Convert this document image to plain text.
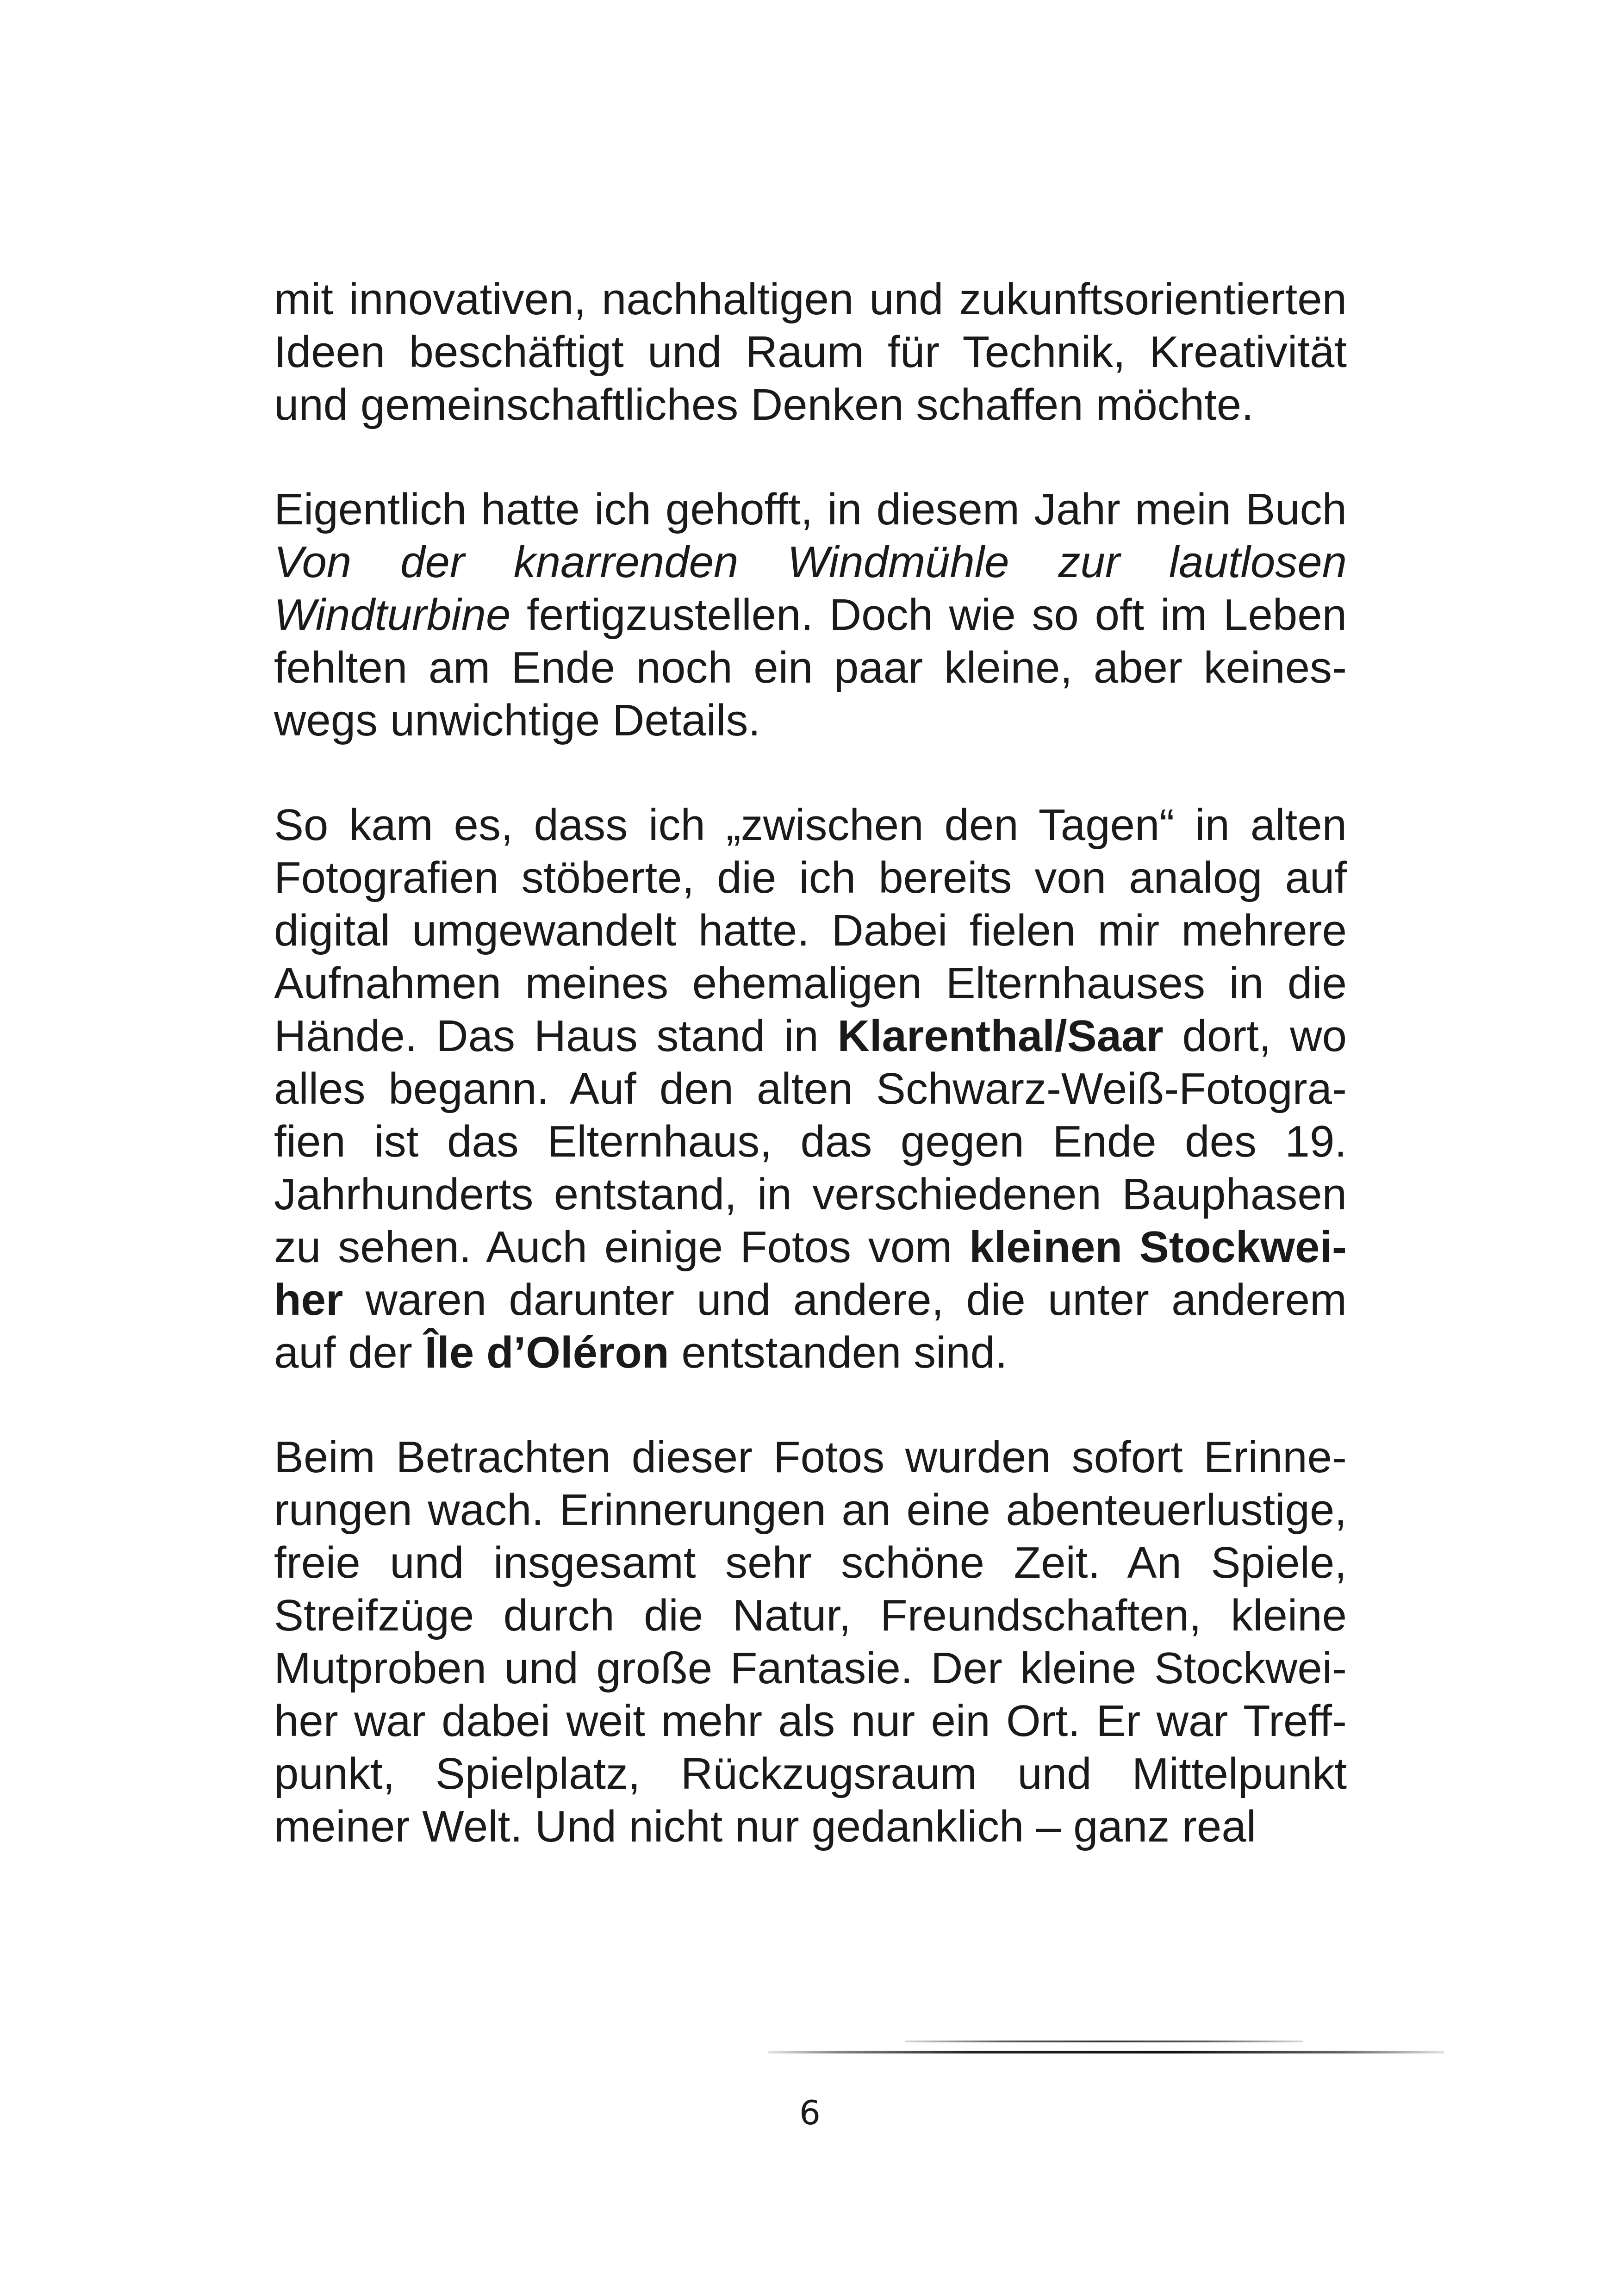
mit innovativen, nachhaltigen und zukunftsorientierten Ideen beschäftigt und Raum für Technik, Kreativität und gemeinschaftliches Denken schaffen möchte.

Eigentlich hatte ich gehofft, in diesem Jahr mein Buch Von der knarrenden Windmühle zur lautlosen Windturbine fertigzustellen. Doch wie so oft im Leben fehlten am Ende noch ein paar kleine, aber keineswegs unwichtige Details.

So kam es, dass ich „zwischen den Tagen“ in alten Fotografien stöberte, die ich bereits von analog auf digital umgewandelt hatte. Dabei fielen mir mehrere Aufnahmen meines ehemaligen Elternhauses in die Hände. Das Haus stand in Klarenthal/Saar dort, wo alles begann. Auf den alten Schwarz-Weiß-Fotografien ist das Elternhaus, das gegen Ende des 19. Jahrhunderts entstand, in verschiedenen Bauphasen zu sehen. Auch einige Fotos vom kleinen Stockweiher waren darunter und andere, die unter anderem auf der Île d’Oléron entstanden sind.

Beim Betrachten dieser Fotos wurden sofort Erinnerungen wach. Erinnerungen an eine abenteuerlustige, freie und insgesamt sehr schöne Zeit. An Spiele, Streifzüge durch die Natur, Freundschaften, kleine Mutproben und große Fantasie. Der kleine Stockweiher war dabei weit mehr als nur ein Ort. Er war Treffpunkt, Spielplatz, Rückzugsraum und Mittelpunkt meiner Welt. Und nicht nur gedanklich – ganz real

6
